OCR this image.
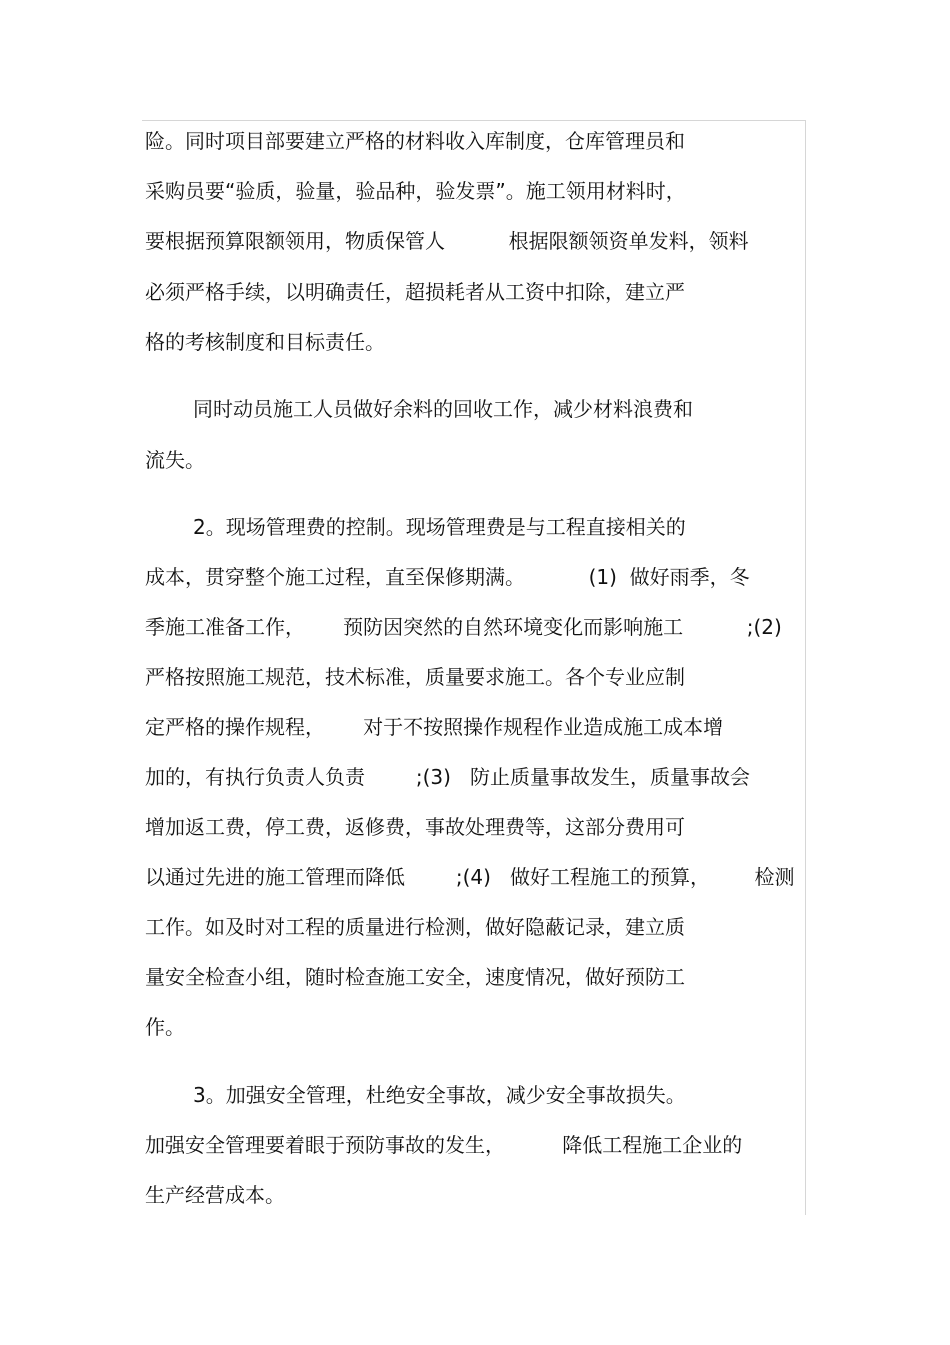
险。同时项目部要建立严格的材料收入库制度，仓库管理员和
采购员要“验质，验量，验品种，验发票”。施工领用材料时，
要根据预算限额领用，物质保管人          根据限额领资单发料，领料
必须严格手续，以明确责任，超损耗者从工资中扣除，建立严
格的考核制度和目标责任。
同时动员施工人员做好余料的回收工作，减少材料浪费和
流失。
2。现场管理费的控制。现场管理费是与工程直接相关的
成本，贯穿整个施工过程，直至保修期满。          (1)  做好雨季，冬
季施工准备工作，      预防因突然的自然环境变化而影响施工          ;(2)
严格按照施工规范，技术标准，质量要求施工。各个专业应制
定严格的操作规程，      对于不按照操作规程作业造成施工成本增
加的，有执行负责人负责        ;(3)   防止质量事故发生，质量事故会
增加返工费，停工费，返修费，事故处理费等，这部分费用可
以通过先进的施工管理而降低        ;(4)   做好工程施工的预算，       检测
工作。如及时对工程的质量进行检测，做好隐蔽记录，建立质
量安全检查小组，随时检查施工安全，速度情况，做好预防工
作。
3。加强安全管理，杜绝安全事故，减少安全事故损失。
加强安全管理要着眼于预防事故的发生，         降低工程施工企业的
生产经营成本。
